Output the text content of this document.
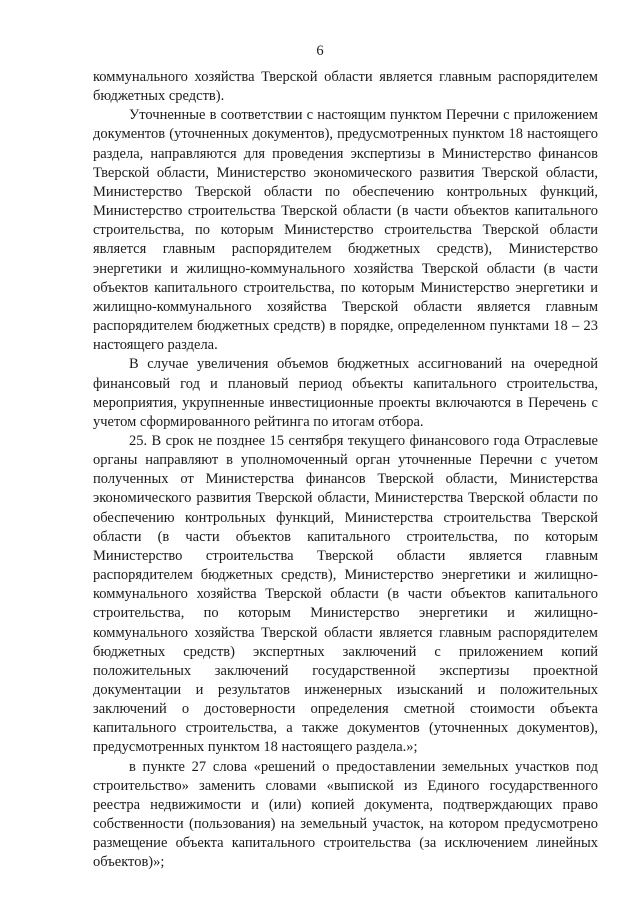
6

коммунального хозяйства Тверской области является главным распорядителем бюджетных средств).

Уточненные в соответствии с настоящим пунктом Перечни с приложением документов (уточненных документов), предусмотренных пунктом 18 настоящего раздела, направляются для проведения экспертизы в Министерство финансов Тверской области, Министерство экономического развития Тверской области, Министерство Тверской области по обеспечению контрольных функций, Министерство строительства Тверской области (в части объектов капитального строительства, по которым Министерство строительства Тверской области является главным распорядителем бюджетных средств), Министерство энергетики и жилищно-коммунального хозяйства Тверской области (в части объектов капитального строительства, по которым Министерство энергетики и жилищно-коммунального хозяйства Тверской области является главным распорядителем бюджетных средств) в порядке, определенном пунктами 18 – 23 настоящего раздела.

В случае увеличения объемов бюджетных ассигнований на очередной финансовый год и плановый период объекты капитального строительства, мероприятия, укрупненные инвестиционные проекты включаются в Перечень с учетом сформированного рейтинга по итогам отбора.

25. В срок не позднее 15 сентября текущего финансового года Отраслевые органы направляют в уполномоченный орган уточненные Перечни с учетом полученных от Министерства финансов Тверской области, Министерства экономического развития Тверской области, Министерства Тверской области по обеспечению контрольных функций, Министерства строительства Тверской области (в части объектов капитального строительства, по которым Министерство строительства Тверской области является главным распорядителем бюджетных средств), Министерство энергетики и жилищно-коммунального хозяйства Тверской области (в части объектов капитального строительства, по которым Министерство энергетики и жилищно-коммунального хозяйства Тверской области является главным распорядителем бюджетных средств) экспертных заключений с приложением копий положительных заключений государственной экспертизы проектной документации и результатов инженерных изысканий и положительных заключений о достоверности определения сметной стоимости объекта капитального строительства, а также документов (уточненных документов), предусмотренных пунктом 18 настоящего раздела.»;

в пункте 27 слова «решений о предоставлении земельных участков под строительство» заменить словами «выпиской из Единого государственного реестра недвижимости и (или) копией документа, подтверждающих право собственности (пользования) на земельный участок, на котором предусмотрено размещение объекта капитального строительства (за исключением линейных объектов)»;
